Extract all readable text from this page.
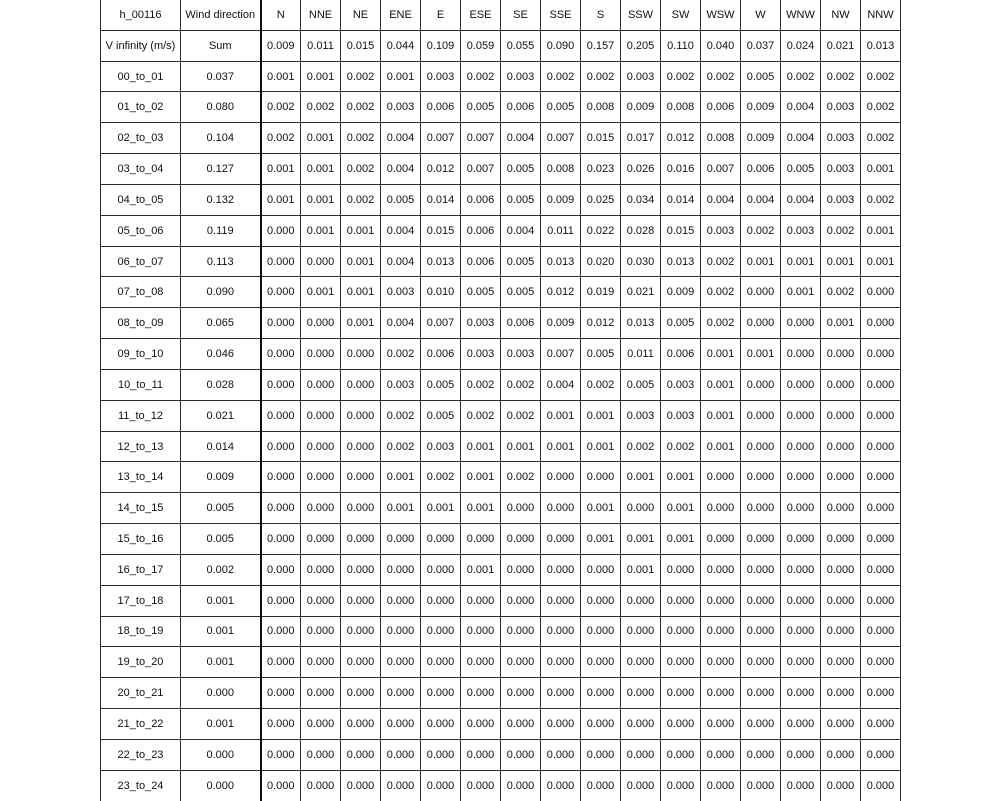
h_00116	Wind direction	N	NNE	NE	ENE	E	ESE	SE	SSE	S	SSW	SW	WSW	W	WNW	NW	NNW
V infinity (m/s)	Sum	0.009	0.011	0.015	0.044	0.109	0.059	0.055	0.090	0.157	0.205	0.110	0.040	0.037	0.024	0.021	0.013
00_to_01	0.037	0.001	0.001	0.002	0.001	0.003	0.002	0.003	0.002	0.002	0.003	0.002	0.002	0.005	0.002	0.002	0.002
01_to_02	0.080	0.002	0.002	0.002	0.003	0.006	0.005	0.006	0.005	0.008	0.009	0.008	0.006	0.009	0.004	0.003	0.002
02_to_03	0.104	0.002	0.001	0.002	0.004	0.007	0.007	0.004	0.007	0.015	0.017	0.012	0.008	0.009	0.004	0.003	0.002
03_to_04	0.127	0.001	0.001	0.002	0.004	0.012	0.007	0.005	0.008	0.023	0.026	0.016	0.007	0.006	0.005	0.003	0.001
04_to_05	0.132	0.001	0.001	0.002	0.005	0.014	0.006	0.005	0.009	0.025	0.034	0.014	0.004	0.004	0.004	0.003	0.002
05_to_06	0.119	0.000	0.001	0.001	0.004	0.015	0.006	0.004	0.011	0.022	0.028	0.015	0.003	0.002	0.003	0.002	0.001
06_to_07	0.113	0.000	0.000	0.001	0.004	0.013	0.006	0.005	0.013	0.020	0.030	0.013	0.002	0.001	0.001	0.001	0.001
07_to_08	0.090	0.000	0.001	0.001	0.003	0.010	0.005	0.005	0.012	0.019	0.021	0.009	0.002	0.000	0.001	0.002	0.000
08_to_09	0.065	0.000	0.000	0.001	0.004	0.007	0.003	0.006	0.009	0.012	0.013	0.005	0.002	0.000	0.000	0.001	0.000
09_to_10	0.046	0.000	0.000	0.000	0.002	0.006	0.003	0.003	0.007	0.005	0.011	0.006	0.001	0.001	0.000	0.000	0.000
10_to_11	0.028	0.000	0.000	0.000	0.003	0.005	0.002	0.002	0.004	0.002	0.005	0.003	0.001	0.000	0.000	0.000	0.000
11_to_12	0.021	0.000	0.000	0.000	0.002	0.005	0.002	0.002	0.001	0.001	0.003	0.003	0.001	0.000	0.000	0.000	0.000
12_to_13	0.014	0.000	0.000	0.000	0.002	0.003	0.001	0.001	0.001	0.001	0.002	0.002	0.001	0.000	0.000	0.000	0.000
13_to_14	0.009	0.000	0.000	0.000	0.001	0.002	0.001	0.002	0.000	0.000	0.001	0.001	0.000	0.000	0.000	0.000	0.000
14_to_15	0.005	0.000	0.000	0.000	0.001	0.001	0.001	0.000	0.000	0.001	0.000	0.001	0.000	0.000	0.000	0.000	0.000
15_to_16	0.005	0.000	0.000	0.000	0.000	0.000	0.000	0.000	0.000	0.001	0.001	0.001	0.000	0.000	0.000	0.000	0.000
16_to_17	0.002	0.000	0.000	0.000	0.000	0.000	0.001	0.000	0.000	0.000	0.001	0.000	0.000	0.000	0.000	0.000	0.000
17_to_18	0.001	0.000	0.000	0.000	0.000	0.000	0.000	0.000	0.000	0.000	0.000	0.000	0.000	0.000	0.000	0.000	0.000
18_to_19	0.001	0.000	0.000	0.000	0.000	0.000	0.000	0.000	0.000	0.000	0.000	0.000	0.000	0.000	0.000	0.000	0.000
19_to_20	0.001	0.000	0.000	0.000	0.000	0.000	0.000	0.000	0.000	0.000	0.000	0.000	0.000	0.000	0.000	0.000	0.000
20_to_21	0.000	0.000	0.000	0.000	0.000	0.000	0.000	0.000	0.000	0.000	0.000	0.000	0.000	0.000	0.000	0.000	0.000
21_to_22	0.001	0.000	0.000	0.000	0.000	0.000	0.000	0.000	0.000	0.000	0.000	0.000	0.000	0.000	0.000	0.000	0.000
22_to_23	0.000	0.000	0.000	0.000	0.000	0.000	0.000	0.000	0.000	0.000	0.000	0.000	0.000	0.000	0.000	0.000	0.000
23_to_24	0.000	0.000	0.000	0.000	0.000	0.000	0.000	0.000	0.000	0.000	0.000	0.000	0.000	0.000	0.000	0.000	0.000
